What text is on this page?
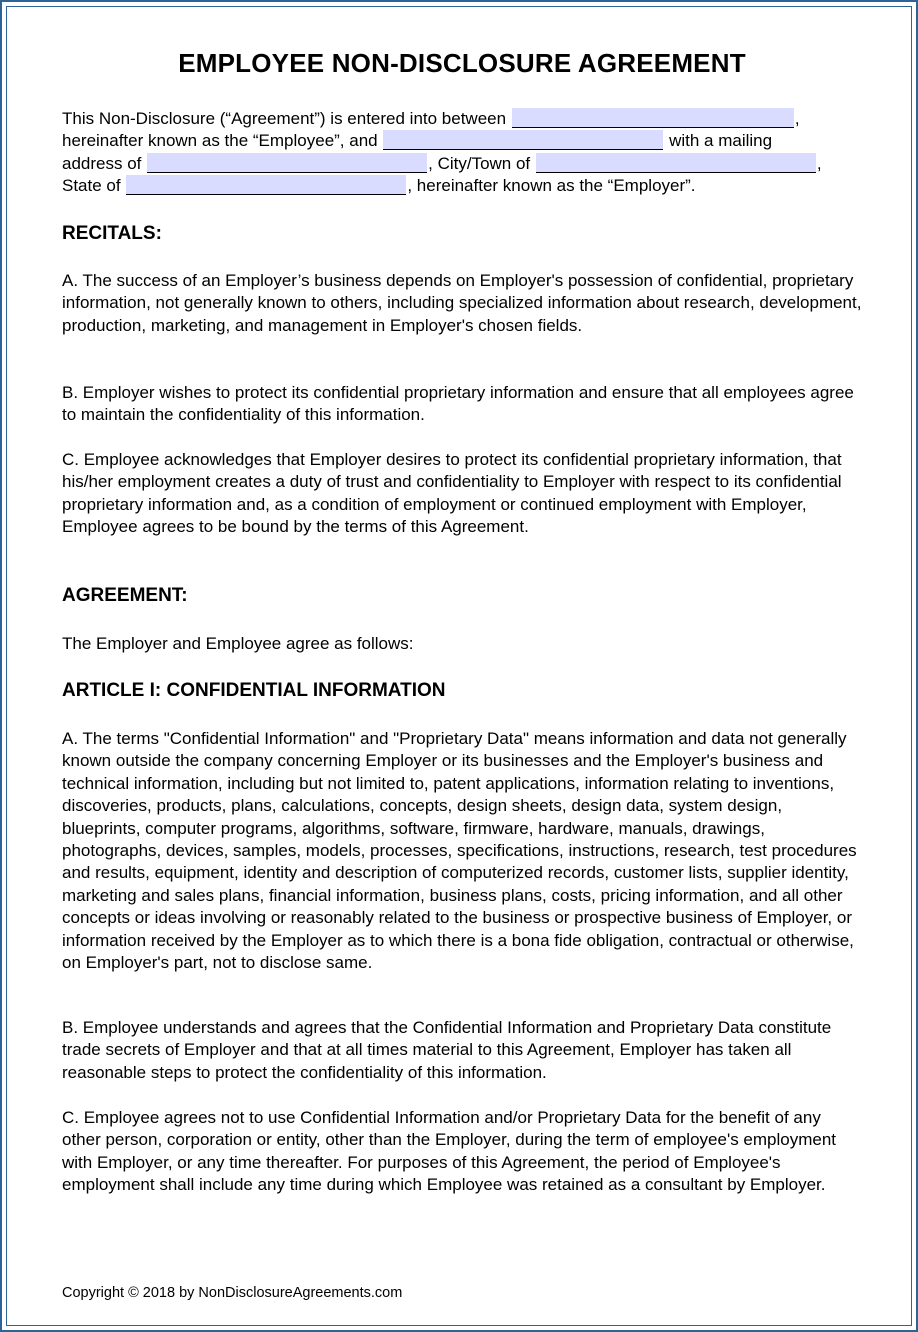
EMPLOYEE NON-DISCLOSURE AGREEMENT
This Non-Disclosure (“Agreement”) is entered into between	,
hereinafter known as the “Employee”, and	with a mailing
address of	, City/Town of	,
State of	, hereinafter known as the “Employer”.
RECITALS:

A. The success of an Employer’s business depends on Employer's possession of confidential, proprietary information, not generally known to others, including specialized information about research, development, production, marketing, and management in Employer's chosen fields.

B. Employer wishes to protect its confidential proprietary information and ensure that all employees agree to maintain the confidentiality of this information.

C. Employee acknowledges that Employer desires to protect its confidential proprietary information, that his/her employment creates a duty of trust and confidentiality to Employer with respect to its confidential proprietary information and, as a condition of employment or continued employment with Employer, Employee agrees to be bound by the terms of this Agreement.

AGREEMENT:

The Employer and Employee agree as follows:

ARTICLE I: CONFIDENTIAL INFORMATION

A. The terms "Confidential Information" and "Proprietary Data" means information and data not generally known outside the company concerning Employer or its businesses and the Employer's business and technical information, including but not limited to, patent applications, information relating to inventions, discoveries, products, plans, calculations, concepts, design sheets, design data, system design, blueprints, computer programs, algorithms, software, firmware, hardware, manuals, drawings, photographs, devices, samples, models, processes, specifications, instructions, research, test procedures and results, equipment, identity and description of computerized records, customer lists, supplier identity, marketing and sales plans, financial information, business plans, costs, pricing information, and all other concepts or ideas involving or reasonably related to the business or prospective business of Employer, or information received by the Employer as to which there is a bona fide obligation, contractual or otherwise, on Employer's part, not to disclose same.

B. Employee understands and agrees that the Confidential Information and Proprietary Data constitute trade secrets of Employer and that at all times material to this Agreement, Employer has taken all reasonable steps to protect the confidentiality of this information.

C. Employee agrees not to use Confidential Information and/or Proprietary Data for the benefit of any other person, corporation or entity, other than the Employer, during the term of employee's employment with Employer, or any time thereafter. For purposes of this Agreement, the period of Employee's employment shall include any time during which Employee was retained as a consultant by Employer.

Copyright © 2018 by NonDisclosureAgreements.com
